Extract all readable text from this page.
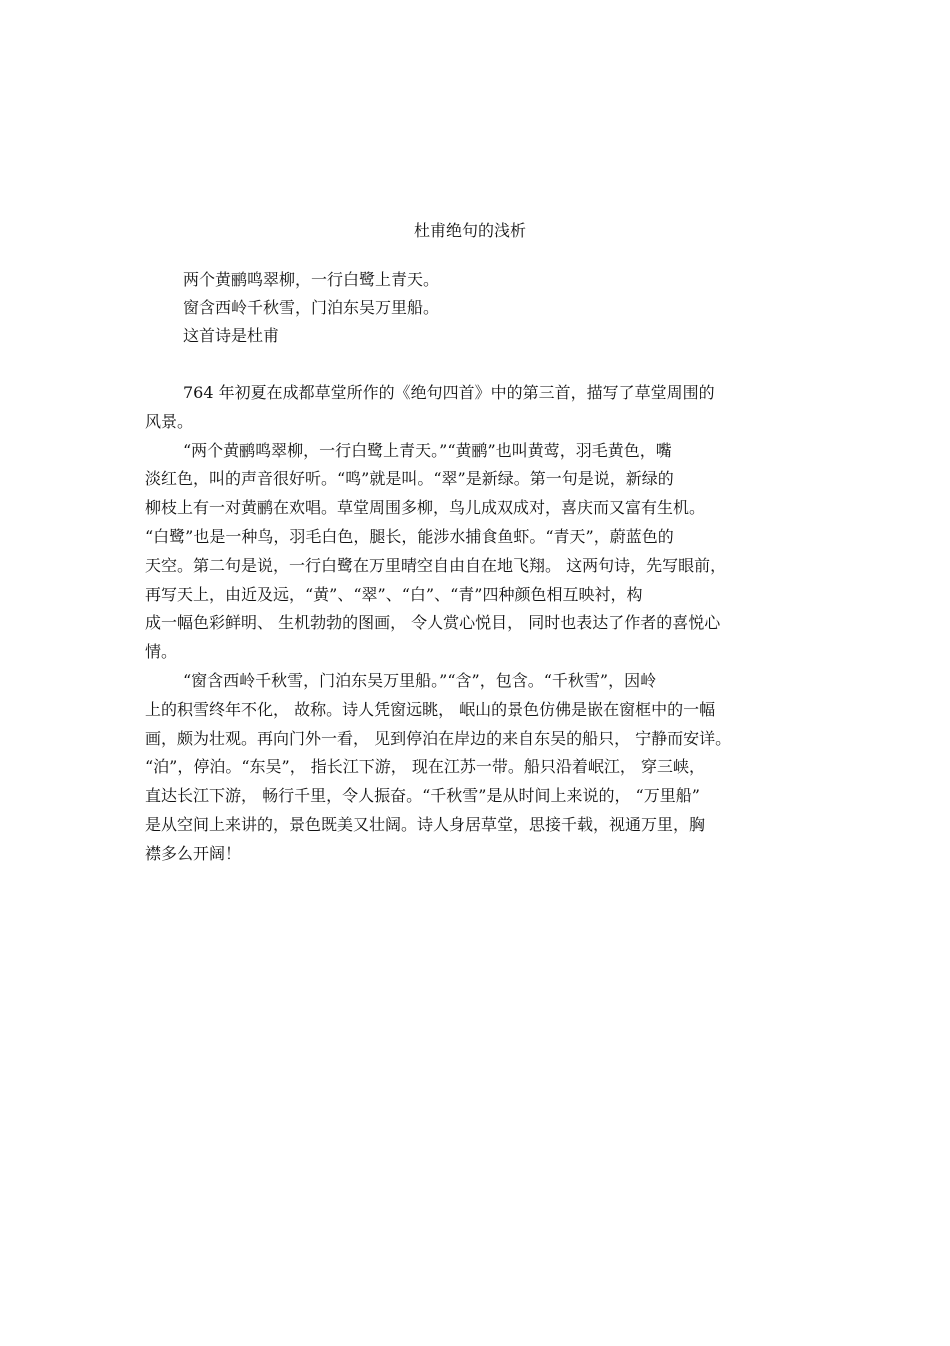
杜甫绝句的浅析
两个黄鹂鸣翠柳，一行白鹭上青天。
窗含西岭千秋雪，门泊东吴万里船。
这首诗是杜甫
764 年初夏在成都草堂所作的《绝句四首》中的第三首，描写了草堂周围的
风景。
“两个黄鹂鸣翠柳，一行白鹭上青天。”“黄鹂”也叫黄莺，羽毛黄色，嘴
淡红色，叫的声音很好听。“鸣”就是叫。“翠”是新绿。第一句是说，新绿的
柳枝上有一对黄鹂在欢唱。草堂周围多柳，鸟儿成双成对，喜庆而又富有生机。
“白鹭”也是一种鸟，羽毛白色，腿长，能涉水捕食鱼虾。“青天”，蔚蓝色的
天空。第二句是说，一行白鹭在万里晴空自由自在地飞翔。 这两句诗，先写眼前，
再写天上，由近及远，“黄”、“翠”、“白”、“青”四种颜色相互映衬，构
成一幅色彩鲜明、 生机勃勃的图画， 令人赏心悦目， 同时也表达了作者的喜悦心
情。
“窗含西岭千秋雪，门泊东吴万里船。”“含”，包含。“千秋雪”，因岭
上的积雪终年不化， 故称。诗人凭窗远眺， 岷山的景色仿佛是嵌在窗框中的一幅
画，颇为壮观。再向门外一看， 见到停泊在岸边的来自东吴的船只， 宁静而安详。
“泊”，停泊。“东吴”， 指长江下游， 现在江苏一带。船只沿着岷江， 穿三峡，
直达长江下游， 畅行千里，令人振奋。“千秋雪”是从时间上来说的， “万里船”
是从空间上来讲的，景色既美又壮阔。诗人身居草堂，思接千载，视通万里，胸
襟多么开阔！
